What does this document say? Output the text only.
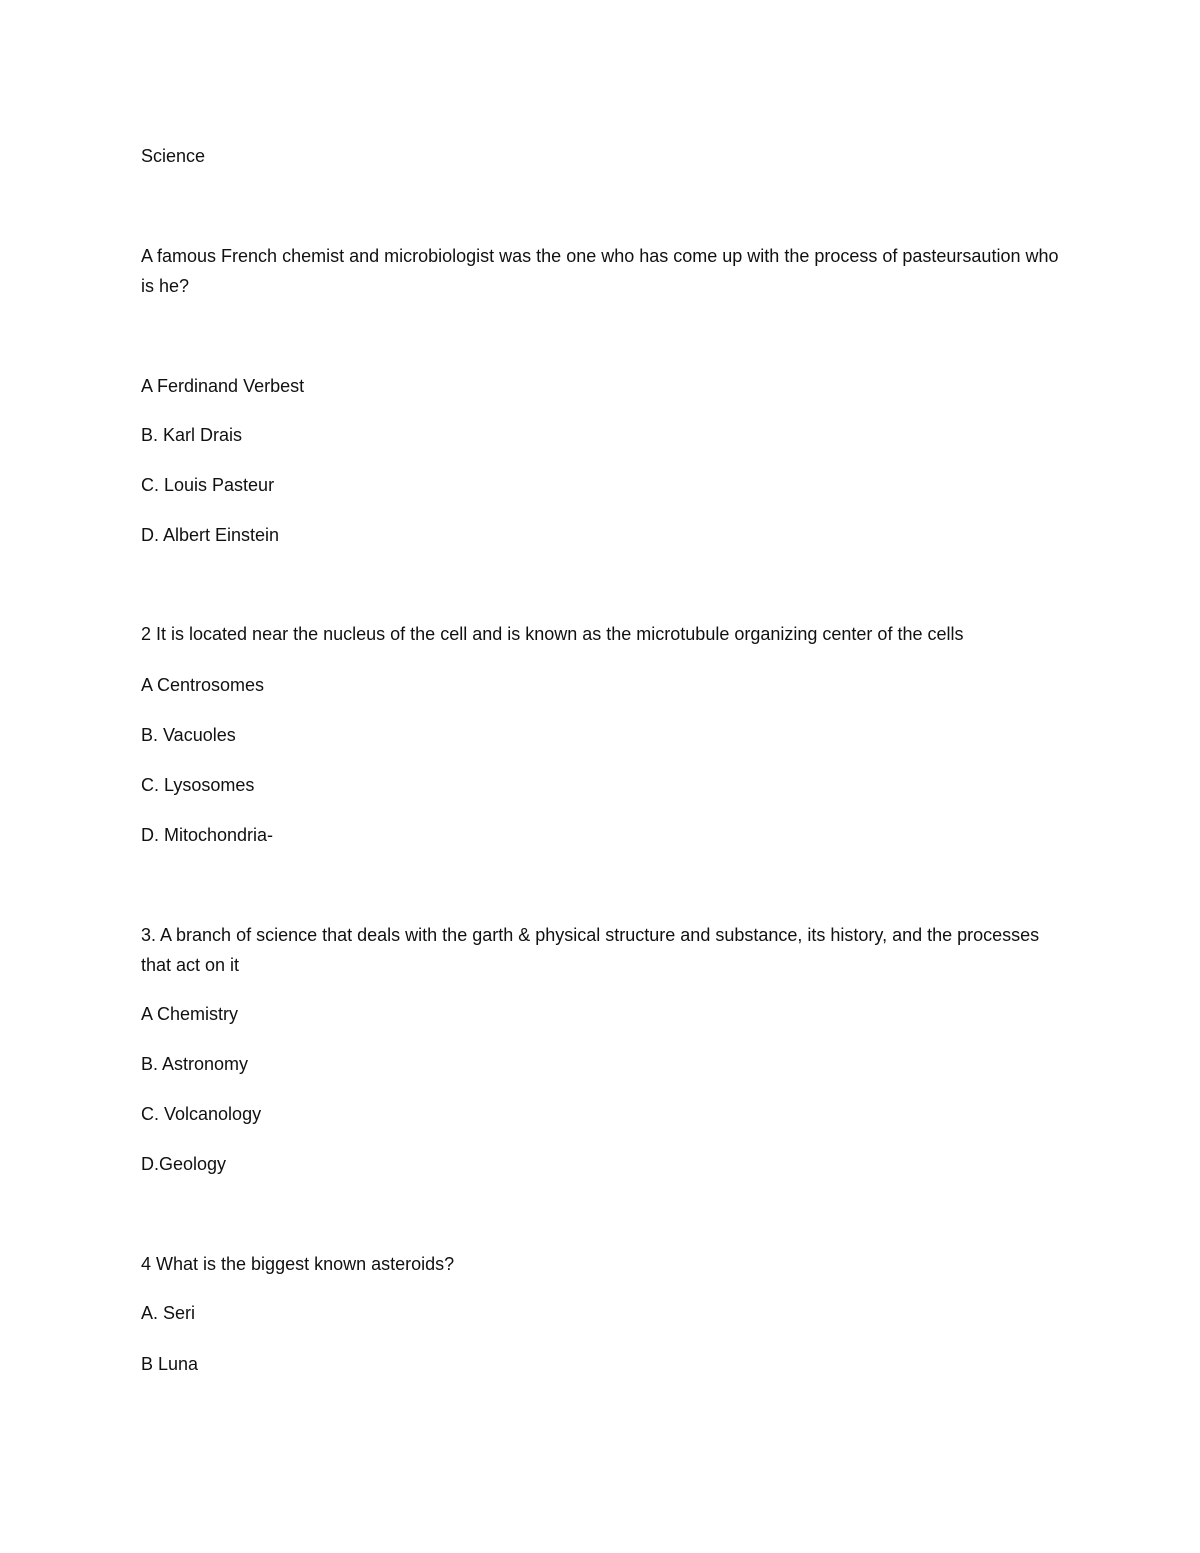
Science
A famous French chemist and microbiologist was the one who has come up with the process of pasteursaution who is he?
A Ferdinand Verbest
B. Karl Drais
C. Louis Pasteur
D. Albert Einstein
2 It is located near the nucleus of the cell and is known as the microtubule organizing center of the cells
A Centrosomes
B. Vacuoles
C. Lysosomes
D. Mitochondria-
3. A branch of science that deals with the garth & physical structure and substance, its history, and the processes that act on it
A Chemistry
B. Astronomy
C. Volcanology
D.Geology
4 What is the biggest known asteroids?
A. Seri
B Luna
